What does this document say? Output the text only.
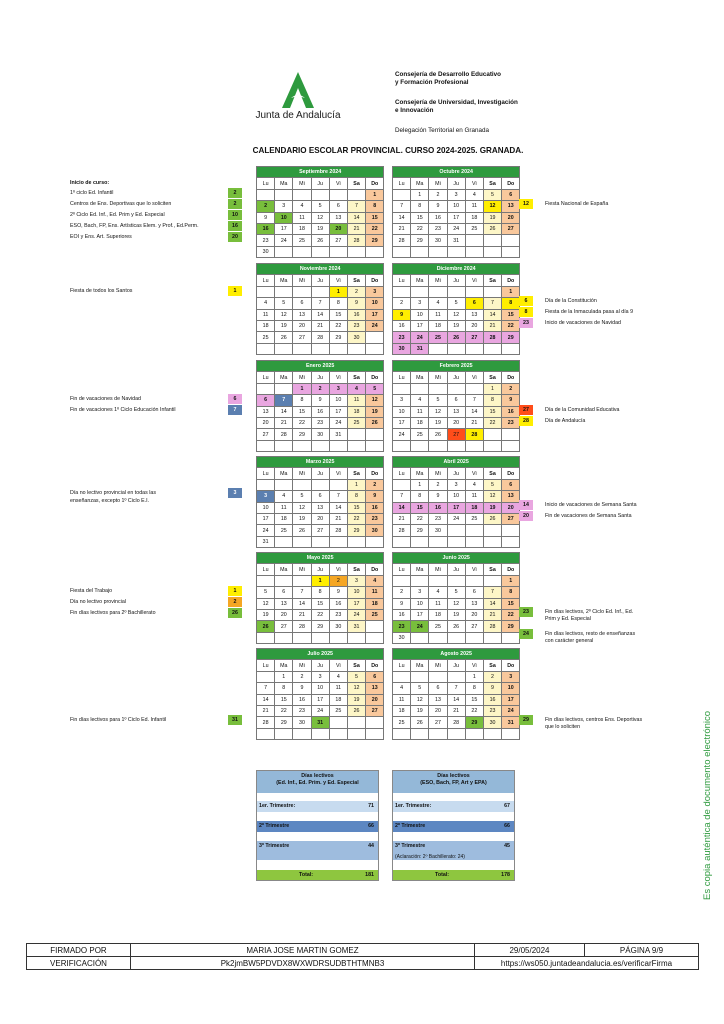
Junta de Andalucía
Consejería de Desarrollo Educativo
y Formación Profesional
Consejería de Universidad, Investigación
e Innovación
Delegación Territorial en Granada
CALENDARIO ESCOLAR PROVINCIAL. CURSO 2024-2025. GRANADA.
Septiembre 2024						
Lu	Ma	Mi	Ju	Vi	Sa	Do
						1
2	3	4	5	6	7	8
9	10	11	12	13	14	15
16	17	18	19	20	21	22
23	24	25	26	27	28	29
30						
Octubre 2024						
Lu	Ma	Mi	Ju	Vi	Sa	Do
	1	2	3	4	5	6
7	8	9	10	11	12	13
14	15	16	17	18	19	20
21	22	23	24	25	26	27
28	29	30	31			

Noviembre 2024						
Lu	Ma	Mi	Ju	Vi	Sa	Do
				1	2	3
4	5	6	7	8	9	10
11	12	13	14	15	16	17
18	19	20	21	22	23	24
25	26	27	28	29	30	

Diciembre 2024						
Lu	Ma	Mi	Ju	Vi	Sa	Do
						1
2	3	4	5	6	7	8
9	10	11	12	13	14	15
16	17	18	19	20	21	22
23	24	25	26	27	28	29
30	31					
Enero 2025						
Lu	Ma	Mi	Ju	Vi	Sa	Do
		1	2	3	4	5
6	7	8	9	10	11	12
13	14	15	16	17	18	19
20	21	22	23	24	25	26
27	28	29	30	31		

Febrero 2025						
Lu	Ma	Mi	Ju	Vi	Sa	Do
					1	2
3	4	5	6	7	8	9
10	11	12	13	14	15	16
17	18	19	20	21	22	23
24	25	26	27	28		

Marzo 2025						
Lu	Ma	Mi	Ju	Vi	Sa	Do
					1	2
3	4	5	6	7	8	9
10	11	12	13	14	15	16
17	18	19	20	21	22	23
24	25	26	27	28	29	30
31						
Abril 2025						
Lu	Ma	Mi	Ju	Vi	Sa	Do
	1	2	3	4	5	6
7	8	9	10	11	12	13
14	15	16	17	18	19	20
21	22	23	24	25	26	27
28	29	30				

Mayo 2025						
Lu	Ma	Mi	Ju	Vi	Sa	Do
			1	2	3	4
5	6	7	8	9	10	11
12	13	14	15	16	17	18
19	20	21	22	23	24	25
26	27	28	29	30	31	

Junio 2025						
Lu	Ma	Mi	Ju	Vi	Sa	Do
						1
2	3	4	5	6	7	8
9	10	11	12	13	14	15
16	17	18	19	20	21	22
23	24	25	26	27	28	29
30						
Julio 2025						
Lu	Ma	Mi	Ju	Vi	Sa	Do
	1	2	3	4	5	6
7	8	9	10	11	12	13
14	15	16	17	18	19	20
21	22	23	24	25	26	27
28	29	30	31			

Agosto 2025						
Lu	Ma	Mi	Ju	Vi	Sa	Do
				1	2	3
4	5	6	7	8	9	10
11	12	13	14	15	16	17
18	19	20	21	22	23	24
25	26	27	28	29	30	31

Inicio de curso:
1º ciclo Ed. Infantil	2
Centros de Ens. Deportivas que lo soliciten	2
2º Ciclo Ed. Inf., Ed. Prim y Ed. Especial	10
ESO, Bach, FP, Ens. Artísticas Elem. y Prof., Ed.Perm.	16
EOI y Ens. Art. Superiores	20
Fiesta de todos los Santos	1
Fin de vacaciones de Navidad	6
Fin de vacaciones 1º Ciclo Educación Infantil	7
Día no lectivo provincial en todas las
enseñanzas, excepto 1º Ciclo E.I.
3
Fiesta del Trabajo	1
Día no lectivo provincial	2
Fin días lectivos para 2º Bachillerato	26
Fin días lectivos para 1º Ciclo Ed. Infantil	31
12	Fiesta Nacional de España
6	Día de la Constitución
8	Fiesta de la Inmaculada pasa al día 9
23	Inicio de vacaciones de Navidad
27	Día de la Comunidad Educativa
28	Día de Andalucía
14	Inicio de vacaciones de Semana Santa
20	Fin de vacaciones de Semana Santa
23	Fin días lectivos, 2º Ciclo Ed. Inf., Ed.
Prim y Ed. Especial
24	Fin días lectivos, resto de enseñanzas
con carácter general
29	Fin días lectivos, centros Ens. Deportivas
que lo soliciten
Días lectivos
(Ed. Inf., Ed. Prim. y Ed. Especial
1er. Trimestre:	71
2º Trimestre	66
3º Trimestre	44
Total:	181
Días lectivos
(ESO, Bach, FP, Art y EPA)
1er. Trimestre:	67
2º Trimestre	66
3º Trimestre	45
(Aclaración: 2º Bachillerato: 24)
Total:	178	Es copia auténtica de documento electrónico
FIRMADO POR	MARIA JOSE MARTIN GOMEZ	29/05/2024	PÁGINA 9/9
VERIFICACIÓN	Pk2jmBW5PDVDX8WXWDRSUDBTHTMNB3	https://ws050.juntadeandalucia.es/verificarFirma	
